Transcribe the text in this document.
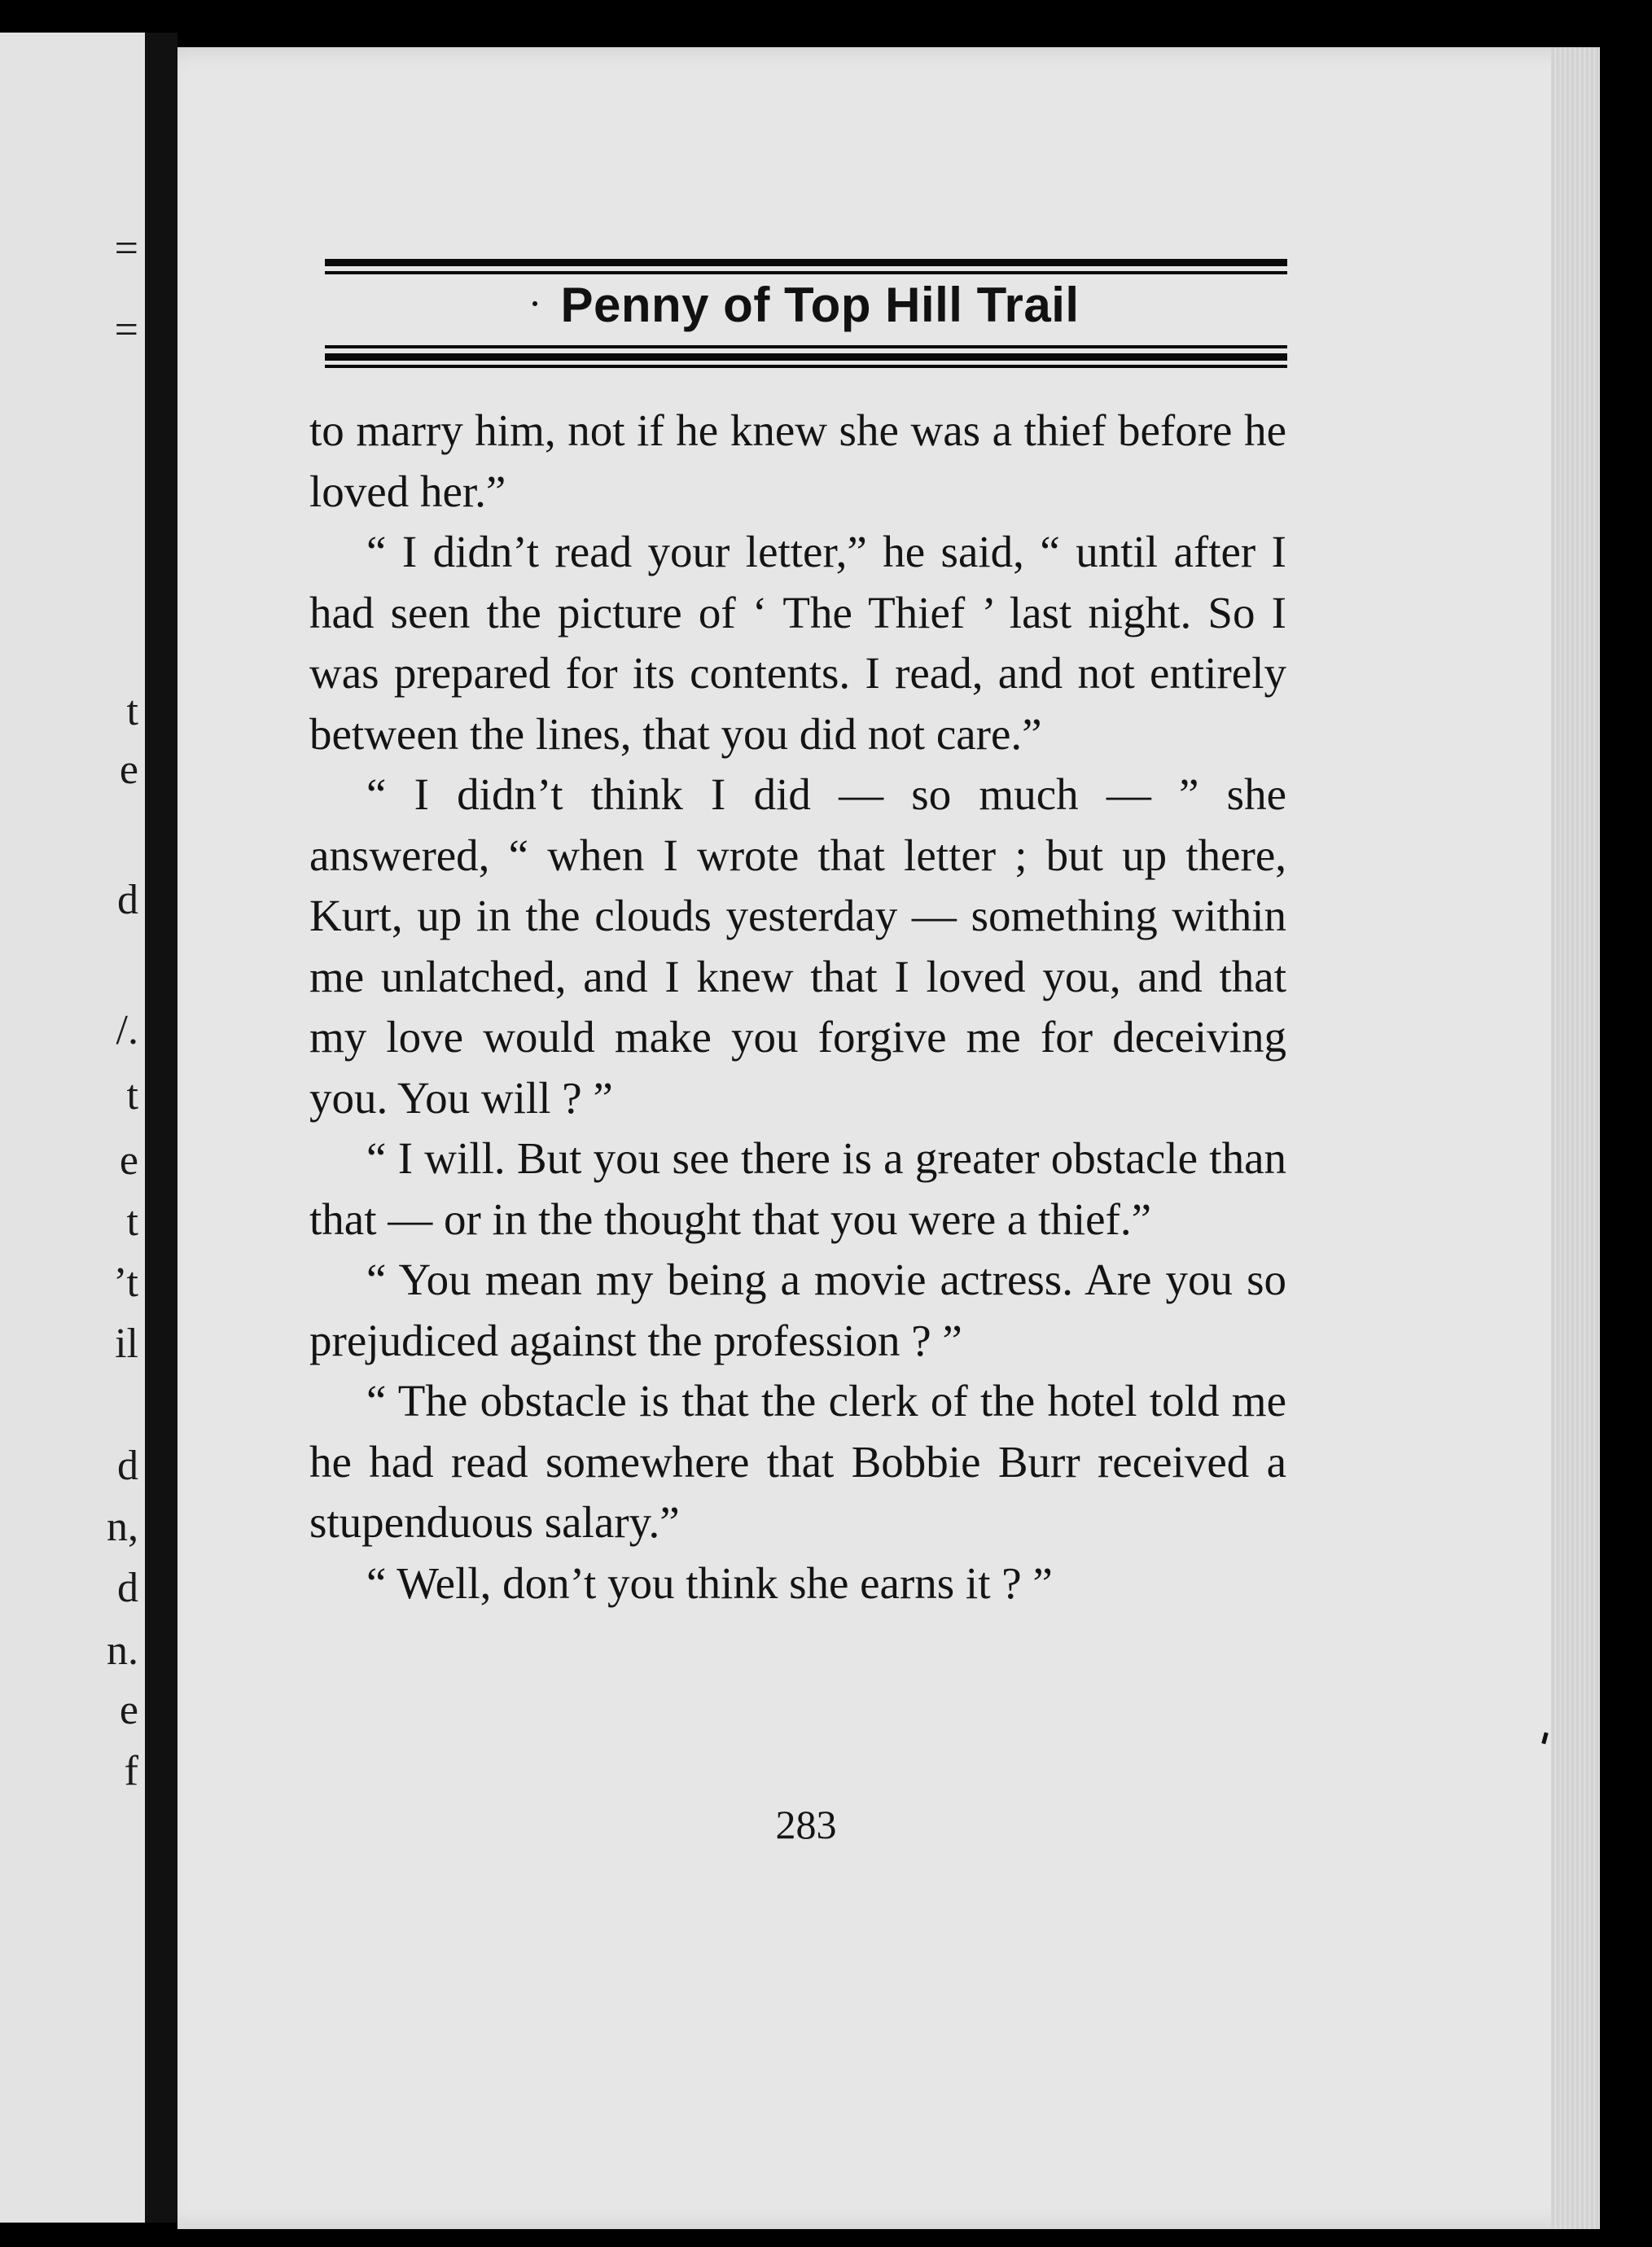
=
=
t
e
d
/.
t
e
t
’t
il
d
n,
d
n.
e
f
Penny of Top Hill Trail

to marry him, not if he knew she was a thief before he loved her.”

“ I didn’t read your letter,” he said, “ until after I had seen the picture of ‘ The Thief ’ last night. So I was prepared for its contents. I read, and not entirely between the lines, that you did not care.”

“ I didn’t think I did — so much — ” she answered, “ when I wrote that letter ; but up there, Kurt, up in the clouds yesterday — something within me unlatched, and I knew that I loved you, and that my love would make you forgive me for deceiving you. You will ? ”

“ I will. But you see there is a greater obstacle than that — or in the thought that you were a thief.”

“ You mean my being a movie actress. Are you so prejudiced against the profession ? ”

“ The obstacle is that the clerk of the hotel told me he had read somewhere that Bobbie Burr received a stupenduous salary.”

“ Well, don’t you think she earns it ? ”

283
